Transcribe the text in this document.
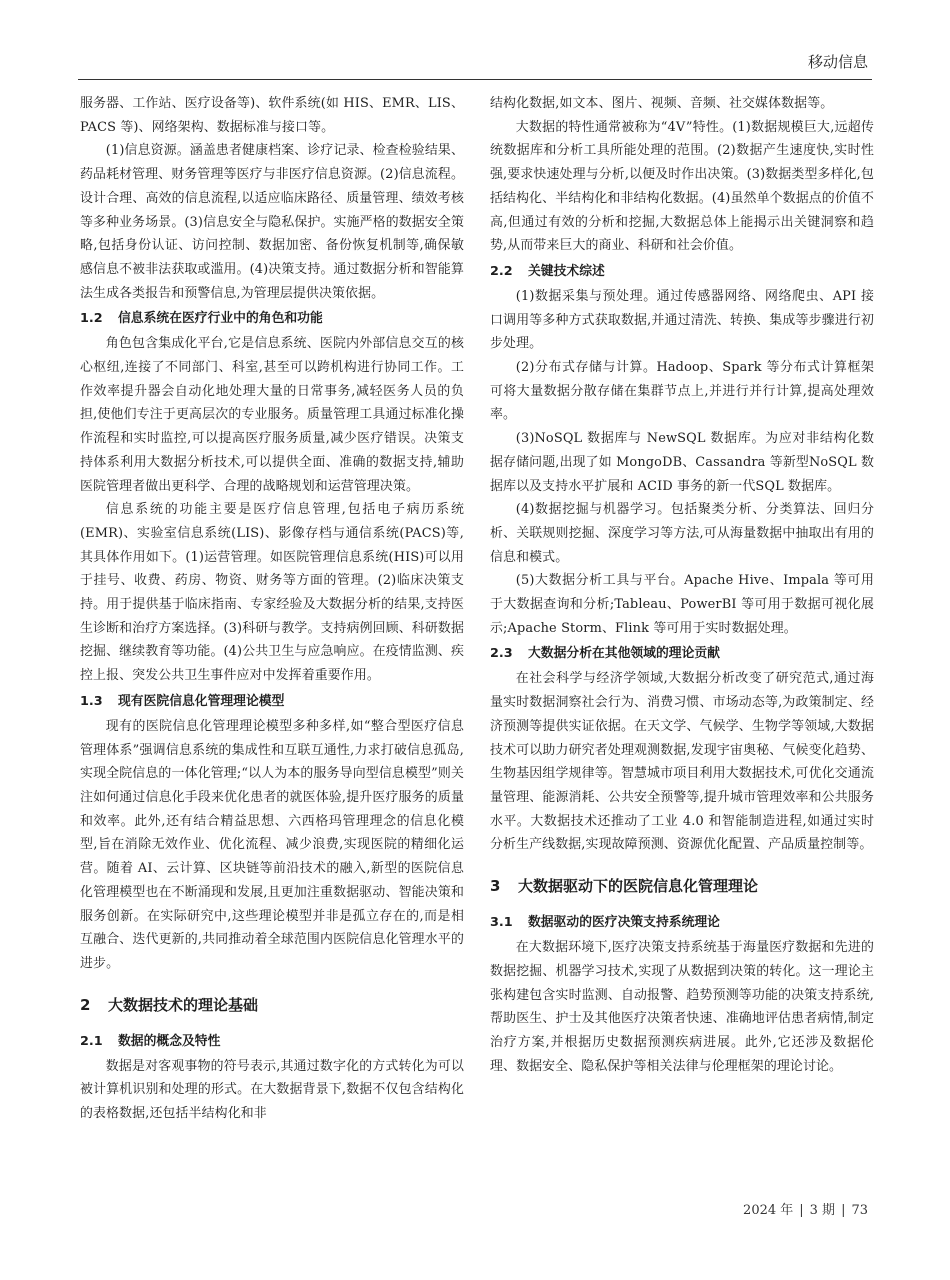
移动信息

服务器、工作站、医疗设备等)、软件系统(如 HIS、EMR、LIS、PACS 等)、网络架构、数据标准与接口等。

(1)信息资源。涵盖患者健康档案、诊疗记录、检查检验结果、药品耗材管理、财务管理等医疗与非医疗信息资源。(2)信息流程。设计合理、高效的信息流程,以适应临床路径、质量管理、绩效考核等多种业务场景。(3)信息安全与隐私保护。实施严格的数据安全策略,包括身份认证、访问控制、数据加密、备份恢复机制等,确保敏感信息不被非法获取或滥用。(4)决策支持。通过数据分析和智能算法生成各类报告和预警信息,为管理层提供决策依据。

1.2 信息系统在医疗行业中的角色和功能

角色包含集成化平台,它是信息系统、医院内外部信息交互的核心枢纽,连接了不同部门、科室,甚至可以跨机构进行协同工作。工作效率提升器会自动化地处理大量的日常事务,减轻医务人员的负担,使他们专注于更高层次的专业服务。质量管理工具通过标准化操作流程和实时监控,可以提高医疗服务质量,减少医疗错误。决策支持体系利用大数据分析技术,可以提供全面、准确的数据支持,辅助医院管理者做出更科学、合理的战略规划和运营管理决策。

信息系统的功能主要是医疗信息管理,包括电子病历系统(EMR)、实验室信息系统(LIS)、影像存档与通信系统(PACS)等,其具体作用如下。(1)运营管理。如医院管理信息系统(HIS)可以用于挂号、收费、药房、物资、财务等方面的管理。(2)临床决策支持。用于提供基于临床指南、专家经验及大数据分析的结果,支持医生诊断和治疗方案选择。(3)科研与教学。支持病例回顾、科研数据挖掘、继续教育等功能。(4)公共卫生与应急响应。在疫情监测、疾控上报、突发公共卫生事件应对中发挥着重要作用。

1.3 现有医院信息化管理理论模型

现有的医院信息化管理理论模型多种多样,如“整合型医疗信息管理体系”强调信息系统的集成性和互联互通性,力求打破信息孤岛,实现全院信息的一体化管理;“以人为本的服务导向型信息模型”则关注如何通过信息化手段来优化患者的就医体验,提升医疗服务的质量和效率。此外,还有结合精益思想、六西格玛管理理念的信息化模型,旨在消除无效作业、优化流程、减少浪费,实现医院的精细化运营。随着 AI、云计算、区块链等前沿技术的融入,新型的医院信息化管理模型也在不断涌现和发展,且更加注重数据驱动、智能决策和服务创新。在实际研究中,这些理论模型并非是孤立存在的,而是相互融合、迭代更新的,共同推动着全球范围内医院信息化管理水平的进步。

2 大数据技术的理论基础
2.1 数据的概念及特性

数据是对客观事物的符号表示,其通过数字化的方式转化为可以被计算机识别和处理的形式。在大数据背景下,数据不仅包含结构化的表格数据,还包括半结构化和非

结构化数据,如文本、图片、视频、音频、社交媒体数据等。

大数据的特性通常被称为“4V”特性。(1)数据规模巨大,远超传统数据库和分析工具所能处理的范围。(2)数据产生速度快,实时性强,要求快速处理与分析,以便及时作出决策。(3)数据类型多样化,包括结构化、半结构化和非结构化数据。(4)虽然单个数据点的价值不高,但通过有效的分析和挖掘,大数据总体上能揭示出关键洞察和趋势,从而带来巨大的商业、科研和社会价值。

2.2 关键技术综述

(1)数据采集与预处理。通过传感器网络、网络爬虫、API 接口调用等多种方式获取数据,并通过清洗、转换、集成等步骤进行初步处理。

(2)分布式存储与计算。Hadoop、Spark 等分布式计算框架可将大量数据分散存储在集群节点上,并进行并行计算,提高处理效率。

(3)NoSQL 数据库与 NewSQL 数据库。为应对非结构化数据存储问题,出现了如 MongoDB、Cassandra 等新型NoSQL 数据库以及支持水平扩展和 ACID 事务的新一代SQL 数据库。

(4)数据挖掘与机器学习。包括聚类分析、分类算法、回归分析、关联规则挖掘、深度学习等方法,可从海量数据中抽取出有用的信息和模式。

(5)大数据分析工具与平台。Apache Hive、Impala 等可用于大数据查询和分析;Tableau、PowerBI 等可用于数据可视化展示;Apache Storm、Flink 等可用于实时数据处理。

2.3 大数据分析在其他领域的理论贡献

在社会科学与经济学领域,大数据分析改变了研究范式,通过海量实时数据洞察社会行为、消费习惯、市场动态等,为政策制定、经济预测等提供实证依据。在天文学、气候学、生物学等领域,大数据技术可以助力研究者处理观测数据,发现宇宙奥秘、气候变化趋势、生物基因组学规律等。智慧城市项目利用大数据技术,可优化交通流量管理、能源消耗、公共安全预警等,提升城市管理效率和公共服务水平。大数据技术还推动了工业 4.0 和智能制造进程,如通过实时分析生产线数据,实现故障预测、资源优化配置、产品质量控制等。

3 大数据驱动下的医院信息化管理理论
3.1 数据驱动的医疗决策支持系统理论

在大数据环境下,医疗决策支持系统基于海量医疗数据和先进的数据挖掘、机器学习技术,实现了从数据到决策的转化。这一理论主张构建包含实时监测、自动报警、趋势预测等功能的决策支持系统,帮助医生、护士及其他医疗决策者快速、准确地评估患者病情,制定治疗方案,并根据历史数据预测疾病进展。此外,它还涉及数据伦理、数据安全、隐私保护等相关法律与伦理框架的理论讨论。

2024 年 | 3 期 | 73
